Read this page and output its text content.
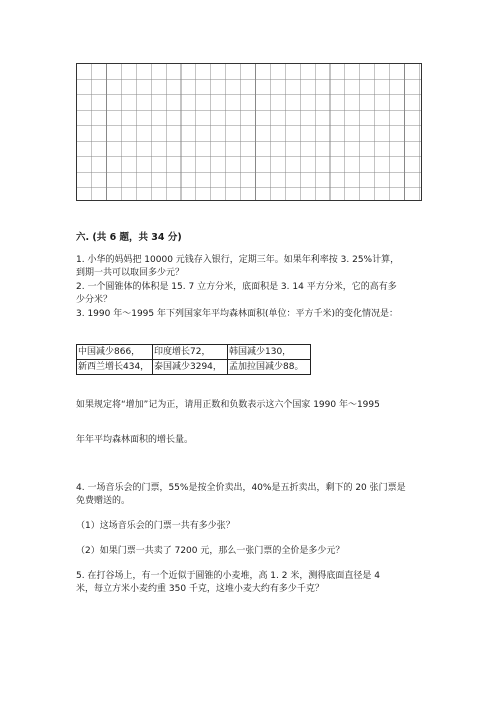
六. (共 6 题，共 34 分)
1. 小华的妈妈把 10000 元钱存入银行，定期三年。如果年利率按 3. 25%计算，
到期一共可以取回多少元？
2. 一个圆锥体的体积是 15. 7 立方分米，底面积是 3. 14 平方分米，它的高有多
少分米？
3. 1990 年～1995 年下列国家年平均森林面积(单位：平方千米)的变化情况是：
中国减少866，	印度增长72，	韩国减少130，
新西兰增长434，	泰国减少3294，	孟加拉国减少88。
如果规定将“增加”记为正，请用正数和负数表示这六个国家 1990 年～1995
年年平均森林面积的增长量。
4. 一场音乐会的门票，55%是按全价卖出，40%是五折卖出，剩下的 20 张门票是
免费赠送的。
（1）这场音乐会的门票一共有多少张？
（2）如果门票一共卖了 7200 元，那么一张门票的全价是多少元？
5. 在打谷场上，有一个近似于圆锥的小麦堆，高 1. 2 米，测得底面直径是 4
米，每立方米小麦约重 350 千克，这堆小麦大约有多少千克？
